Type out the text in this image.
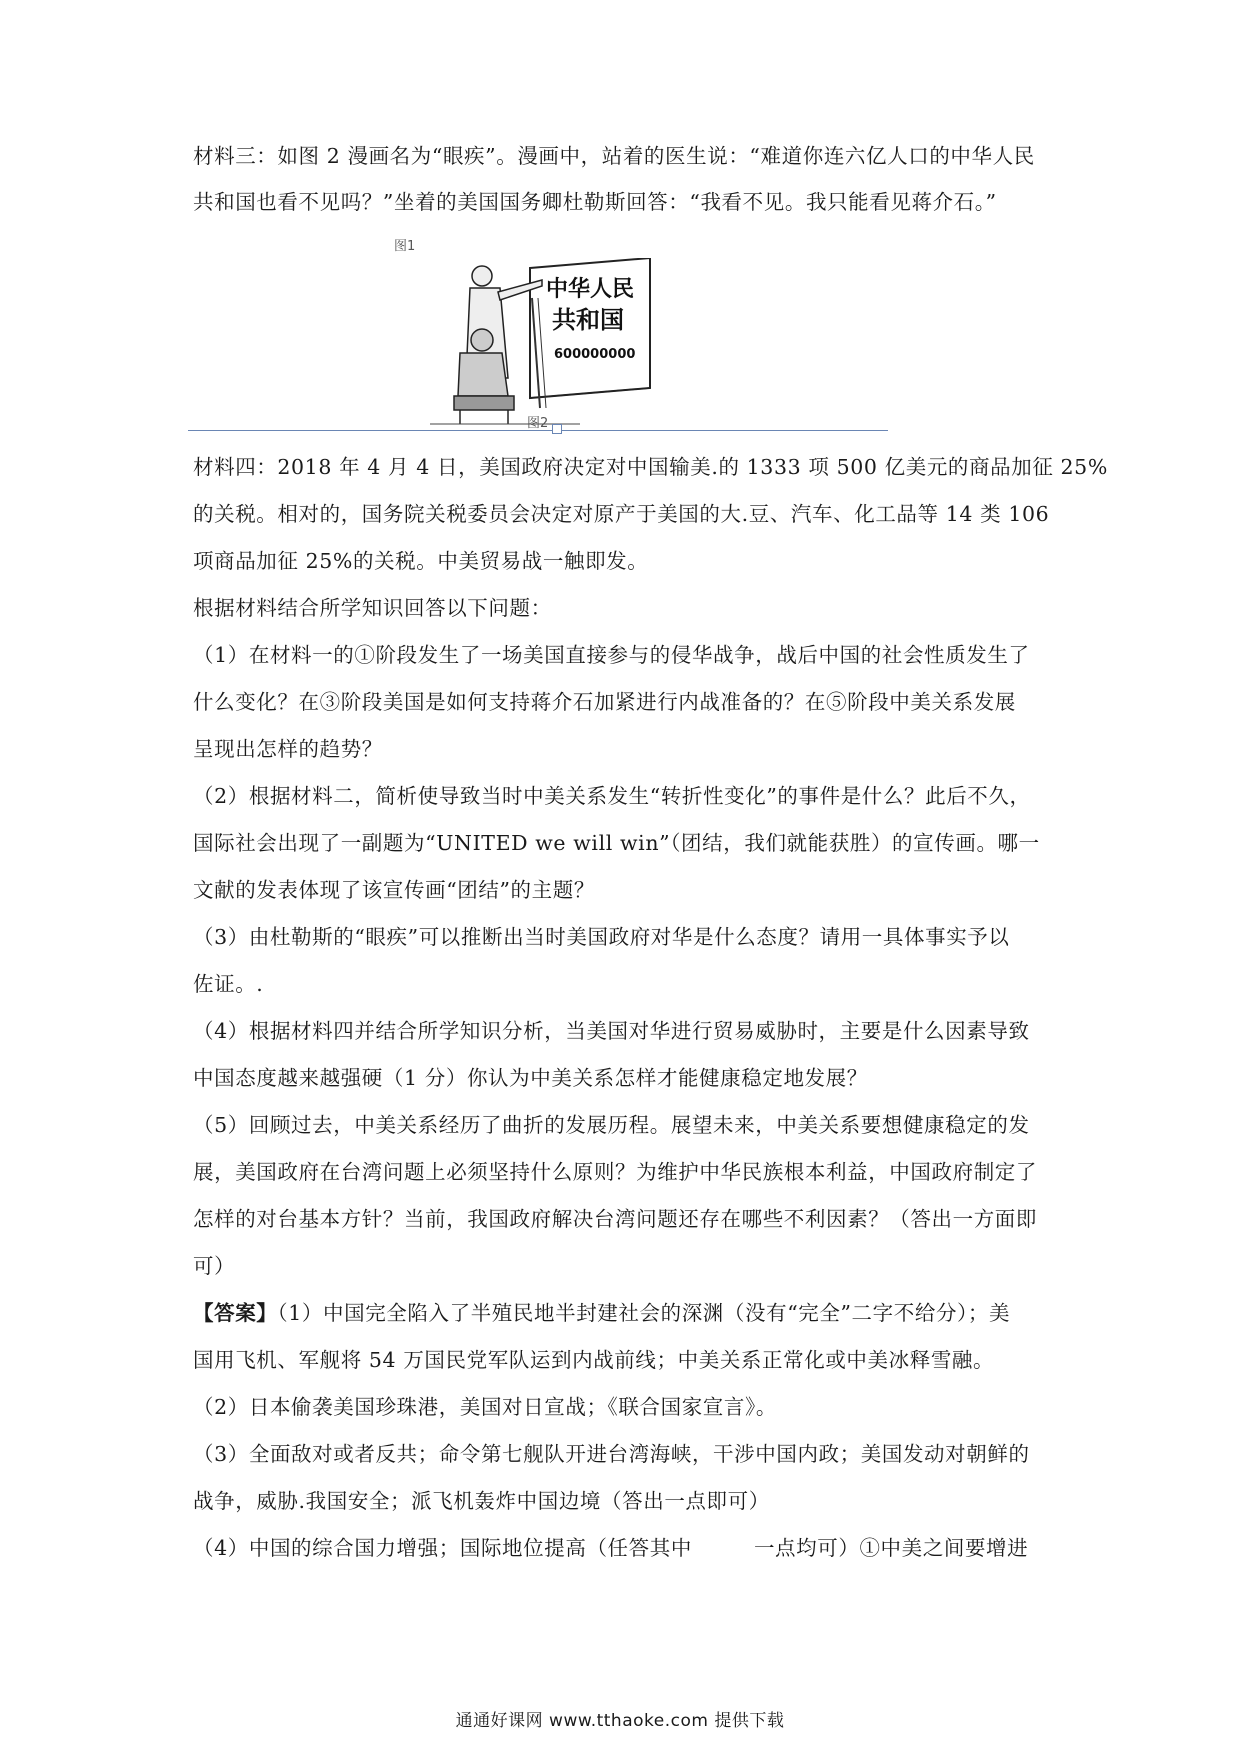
材料三：如图 2 漫画名为“眼疾”。漫画中，站着的医生说：“难道你连六亿人口的中华人民

共和国也看不见吗？”坐着的美国国务卿杜勒斯回答：“我看不见。我只能看见蒋介石。”

图1
中华人民
共和国
600000000
图2

材料四：2018 年 4 月 4 日，美国政府决定对中国输美.的 1333 项 500 亿美元的商品加征 25%

的关税。相对的，国务院关税委员会决定对原产于美国的大.豆、汽车、化工品等 14 类 106

项商品加征 25%的关税。中美贸易战一触即发。

根据材料结合所学知识回答以下问题：

（1）在材料一的①阶段发生了一场美国直接参与的侵华战争，战后中国的社会性质发生了

什么变化？在③阶段美国是如何支持蒋介石加紧进行内战准备的？在⑤阶段中美关系发展

呈现出怎样的趋势？

（2）根据材料二，简析使导致当时中美关系发生“转折性变化”的事件是什么？此后不久，

国际社会出现了一副题为“UNITED we will win”（团结，我们就能获胜）的宣传画。哪一

文献的发表体现了该宣传画“团结”的主题？

（3）由杜勒斯的“眼疾”可以推断出当时美国政府对华是什么态度？请用一具体事实予以

佐证。.

（4）根据材料四并结合所学知识分析，当美国对华进行贸易威胁时，主要是什么因素导致

中国态度越来越强硬（1 分）你认为中美关系怎样才能健康稳定地发展？

（5）回顾过去，中美关系经历了曲折的发展历程。展望未来，中美关系要想健康稳定的发

展，美国政府在台湾问题上必须坚持什么原则？为维护中华民族根本利益，中国政府制定了

怎样的对台基本方针？当前，我国政府解决台湾问题还存在哪些不利因素？（答出一方面即

可）

【答案】（1）中国完全陷入了半殖民地半封建社会的深渊（没有“完全”二字不给分）；美

国用飞机、军舰将 54 万国民党军队运到内战前线；中美关系正常化或中美冰释雪融。

（2）日本偷袭美国珍珠港，美国对日宣战；《联合国家宣言》。

（3）全面敌对或者反共；命令第七舰队开进台湾海峡，干涉中国内政；美国发动对朝鲜的

战争，威胁.我国安全；派飞机轰炸中国边境（答出一点即可）

（4）中国的综合国力增强；国际地位提高（任答其中	一点均可）①中美之间要增进

通通好课网 www.tthaoke.com 提供下载
